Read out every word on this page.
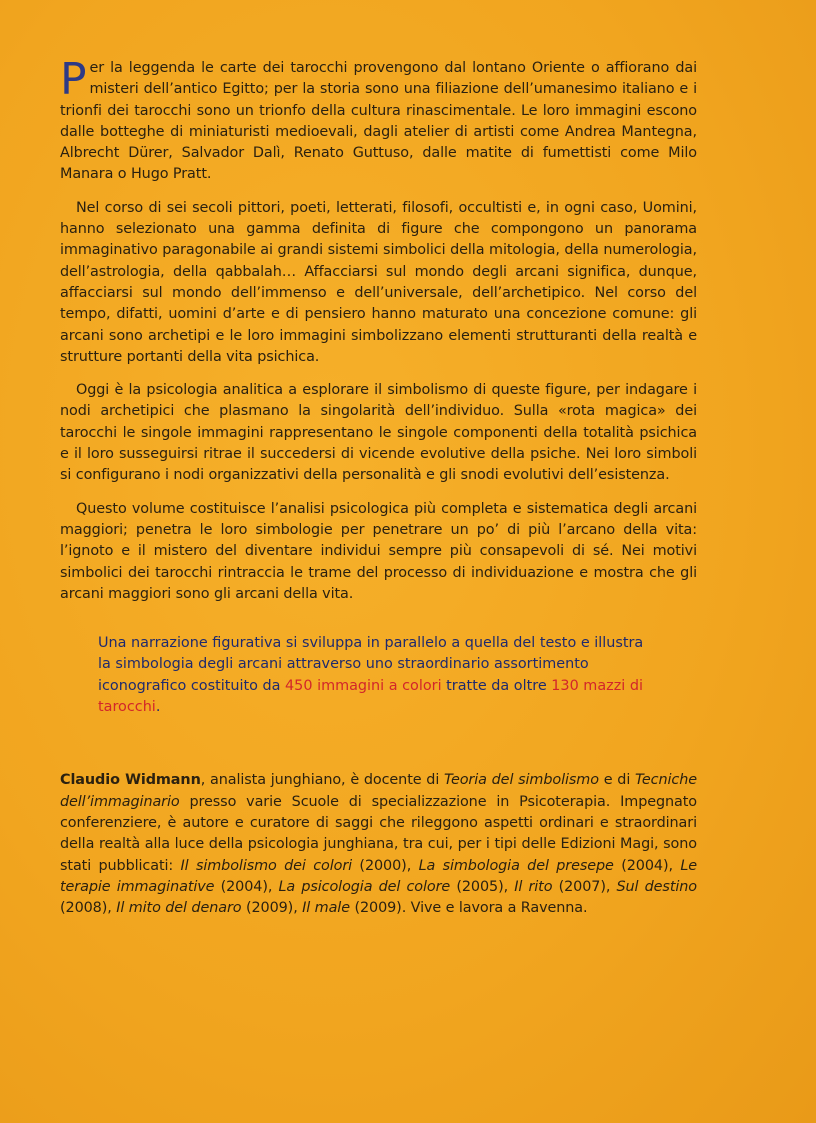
Per la leggenda le carte dei tarocchi provengono dal lontano Oriente o affiorano dai misteri dell’antico Egitto; per la storia sono una filiazione dell’umanesimo italiano e i trionfi dei tarocchi sono un trionfo della cultura rinascimentale. Le loro immagini escono dalle botteghe di miniaturisti medioevali, dagli atelier di artisti come Andrea Mantegna, Albrecht Dürer, Salvador Dalì, Renato Guttuso, dalle matite di fumettisti come Milo Manara o Hugo Pratt.

Nel corso di sei secoli pittori, poeti, letterati, filosofi, occultisti e, in ogni caso, Uomini, hanno selezionato una gamma definita di figure che compongono un panorama immaginativo paragonabile ai grandi sistemi simbolici della mitologia, della numerologia, dell’astrologia, della qabbalah… Affacciarsi sul mondo degli arcani significa, dunque, affacciarsi sul mondo dell’immenso e dell’universale, dell’archetipico. Nel corso del tempo, difatti, uomini d’arte e di pensiero hanno maturato una concezione comune: gli arcani sono archetipi e le loro immagini simbolizzano elementi strutturanti della realtà e strutture portanti della vita psichica.

Oggi è la psicologia analitica a esplorare il simbolismo di queste figure, per indagare i nodi archetipici che plasmano la singolarità dell’individuo. Sulla «rota magica» dei tarocchi le singole immagini rappresentano le singole componenti della totalità psichica e il loro susseguirsi ritrae il succedersi di vicende evolutive della psiche. Nei loro simboli si configurano i nodi organizzativi della personalità e gli snodi evolutivi dell’esistenza.

Questo volume costituisce l’analisi psicologica più completa e sistematica degli arcani maggiori; penetra le loro simbologie per penetrare un po’ di più l’arcano della vita: l’ignoto e il mistero del diventare individui sempre più consapevoli di sé. Nei motivi simbolici dei tarocchi rintraccia le trame del processo di individuazione e mostra che gli arcani maggiori sono gli arcani della vita.

Una narrazione figurativa si sviluppa in parallelo a quella del testo e illustra la simbologia degli arcani attraverso uno straordinario assortimento iconografico costituito da 450 immagini a colori tratte da oltre 130 mazzi di tarocchi.
Claudio Widmann, analista junghiano, è docente di Teoria del simbolismo e di Tecniche dell’immaginario presso varie Scuole di specializzazione in Psicoterapia. Impegnato conferenziere, è autore e curatore di saggi che rileggono aspetti ordinari e straordinari della realtà alla luce della psicologia junghiana, tra cui, per i tipi delle Edizioni Magi, sono stati pubblicati: Il simbolismo dei colori (2000), La simbologia del presepe (2004), Le terapie immaginative (2004), La psicologia del colore (2005), Il rito (2007), Sul destino (2008), Il mito del denaro (2009), Il male (2009). Vive e lavora a Ravenna.
